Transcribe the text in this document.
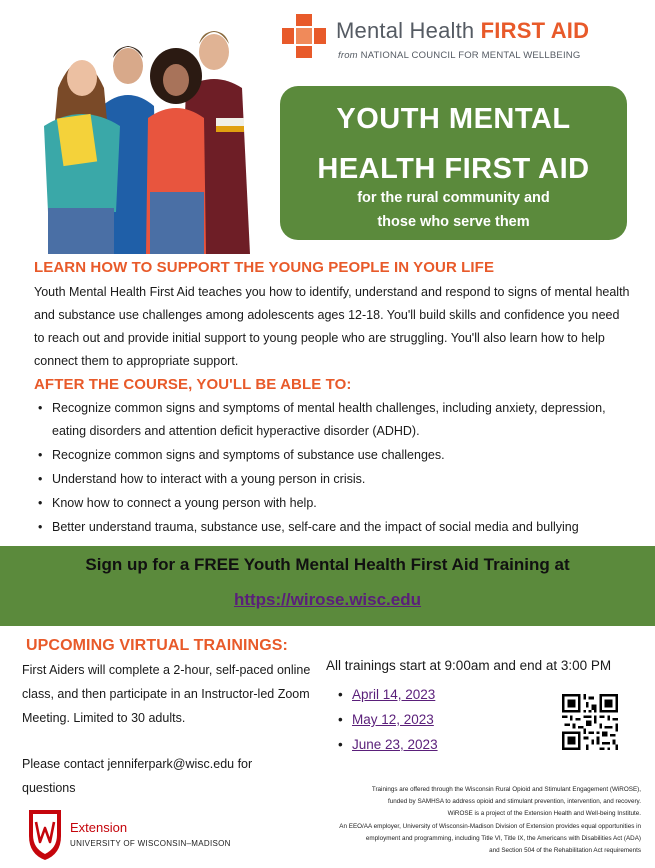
Mental Health FIRST AID
from NATIONAL COUNCIL FOR MENTAL WELLBEING
YOUTH MENTAL
HEALTH FIRST AID
for the rural community and
those who serve them
LEARN HOW TO SUPPORT THE YOUNG PEOPLE IN YOUR LIFE

Youth Mental Health First Aid teaches you how to identify, understand and respond to signs of mental health and substance use challenges among adolescents ages 12-18. You'll build skills and confidence you need to reach out and provide initial support to young people who are struggling. You'll also learn how to help connect them to appropriate support.

AFTER THE COURSE, YOU'LL BE ABLE TO:
• Recognize common signs and symptoms of mental health challenges, including anxiety, depression, eating disorders and attention deficit hyperactive disorder (ADHD).
• Recognize common signs and symptoms of substance use challenges.
• Understand how to interact with a young person in crisis.
• Know how to connect a young person with help.
• Better understand trauma, substance use, self-care and the impact of social media and bullying
Sign up for a FREE Youth Mental Health First Aid Training at
https://wirose.wisc.edu
UPCOMING VIRTUAL TRAININGS:

First Aiders will complete a 2-hour, self-paced online class, and then participate in an Instructor-led Zoom Meeting. Limited to 30 adults.

Please contact jenniferpark@wisc.edu for questions

All trainings start at 9:00am and end at 3:00 PM
• April 14, 2023
• May 12, 2023
• June 23, 2023
Extension
UNIVERSITY OF WISCONSIN–MADISON
Trainings are offered through the Wisconsin Rural Opioid and Stimulant Engagement (WiROSE),
funded by SAMHSA to address opioid and stimulant prevention, intervention, and recovery.
WiROSE is a project of the Extension Health and Well-being Institute.
An EEO/AA employer, University of Wisconsin-Madison Division of Extension provides equal opportunities in
employment and programming, including Title VI, Title IX, the Americans with Disabilities Act (ADA)
and Section 504 of the Rehabilitation Act requirements
